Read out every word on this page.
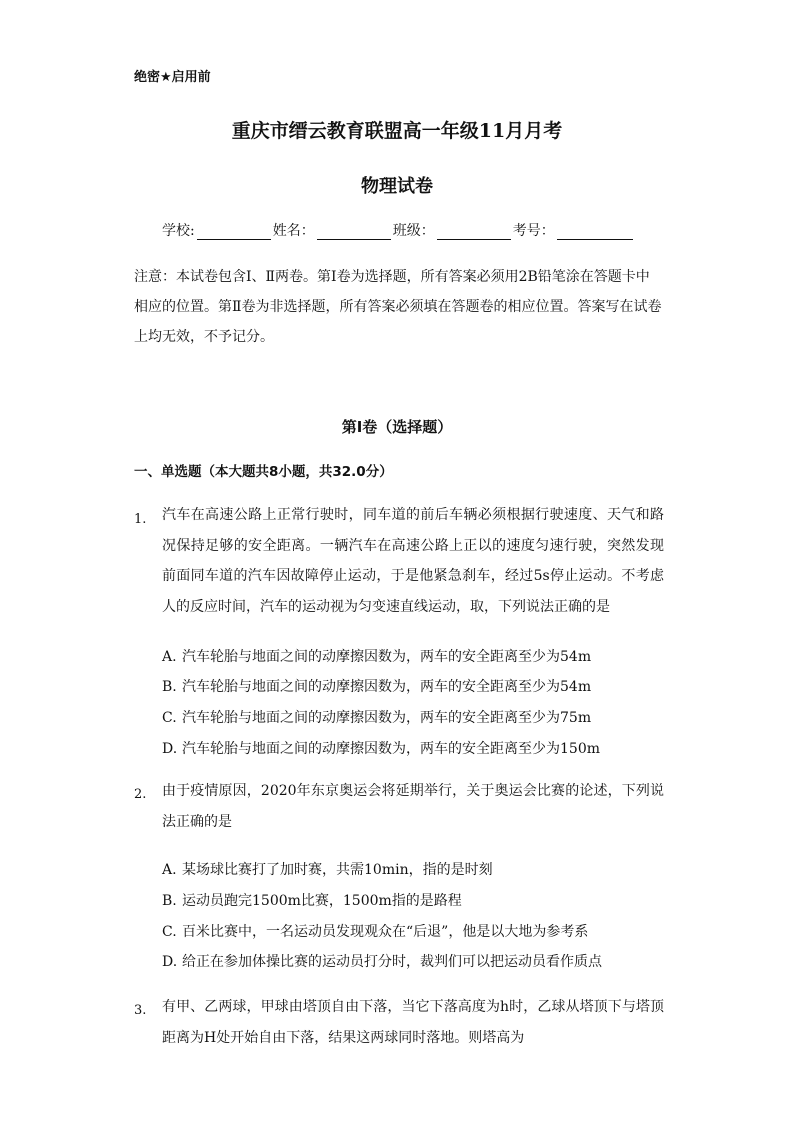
绝密★启用前
重庆市缙云教育联盟高一年级11月月考
物理试卷
学校:	姓名：	班级：	考号：
注意：本试卷包含Ⅰ、Ⅱ两卷。第Ⅰ卷为选择题，所有答案必须用2B铅笔涂在答题卡中相应的位置。第Ⅱ卷为非选择题，所有答案必须填在答题卷的相应位置。答案写在试卷上均无效，不予记分。
第Ⅰ卷（选择题）
一、单选题（本大题共8小题，共32.0分）
1. 汽车在高速公路上正常行驶时，同车道的前后车辆必须根据行驶速度、天气和路况保持足够的安全距离。一辆汽车在高速公路上正以的速度匀速行驶，突然发现前面同车道的汽车因故障停止运动，于是他紧急刹车，经过5s停止运动。不考虑人的反应时间，汽车的运动视为匀变速直线运动，取，下列说法正确的是
A. 汽车轮胎与地面之间的动摩擦因数为，两车的安全距离至少为54m
B. 汽车轮胎与地面之间的动摩擦因数为，两车的安全距离至少为54m
C. 汽车轮胎与地面之间的动摩擦因数为，两车的安全距离至少为75m
D. 汽车轮胎与地面之间的动摩擦因数为，两车的安全距离至少为150m
2. 由于疫情原因，2020年东京奥运会将延期举行，关于奥运会比赛的论述，下列说法正确的是
A. 某场球比赛打了加时赛，共需10min，指的是时刻
B. 运动员跑完1500m比赛，1500m指的是路程
C. 百米比赛中，一名运动员发现观众在“后退”，他是以大地为参考系
D. 给正在参加体操比赛的运动员打分时，裁判们可以把运动员看作质点
3. 有甲、乙两球，甲球由塔顶自由下落，当它下落高度为h时，乙球从塔顶下与塔顶距离为H处开始自由下落，结果这两球同时落地。则塔高为
